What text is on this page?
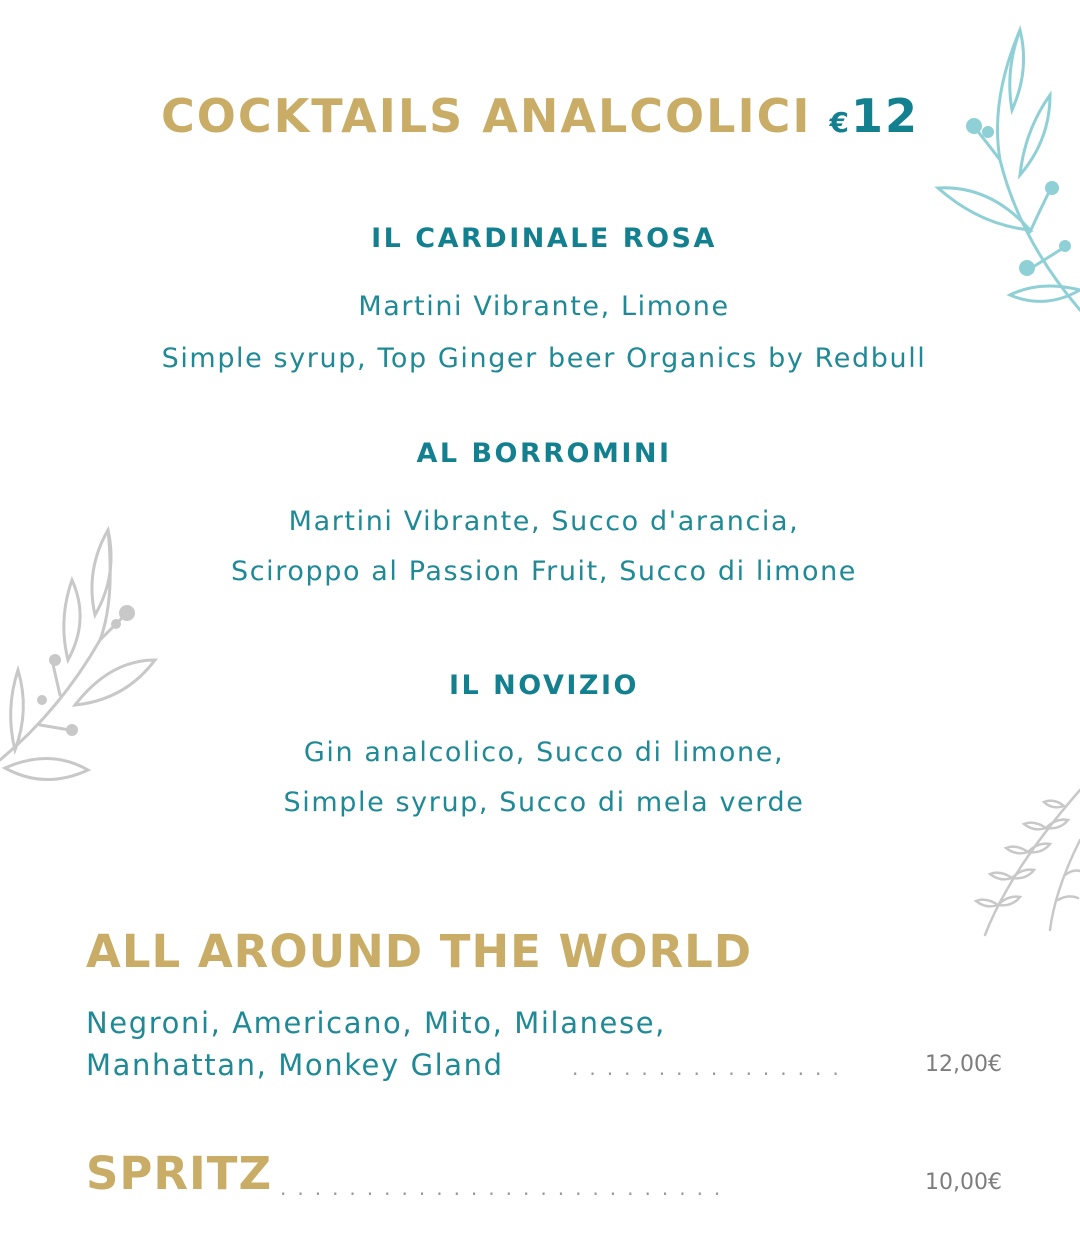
COCKTAILS ANALCOLICI €12
IL CARDINALE ROSA
Martini Vibrante, Limone
Simple syrup, Top Ginger beer Organics by Redbull
AL BORROMINI
Martini Vibrante, Succo d'arancia,
Sciroppo al Passion Fruit, Succo di limone
IL NOVIZIO
Gin analcolico, Succo di limone,
Simple syrup, Succo di mela verde
ALL AROUND THE WORLD
Negroni, Americano, Mito, Milanese,
Manhattan, Monkey Gland	................	12,00€
SPRITZ ..........................	10,00€
